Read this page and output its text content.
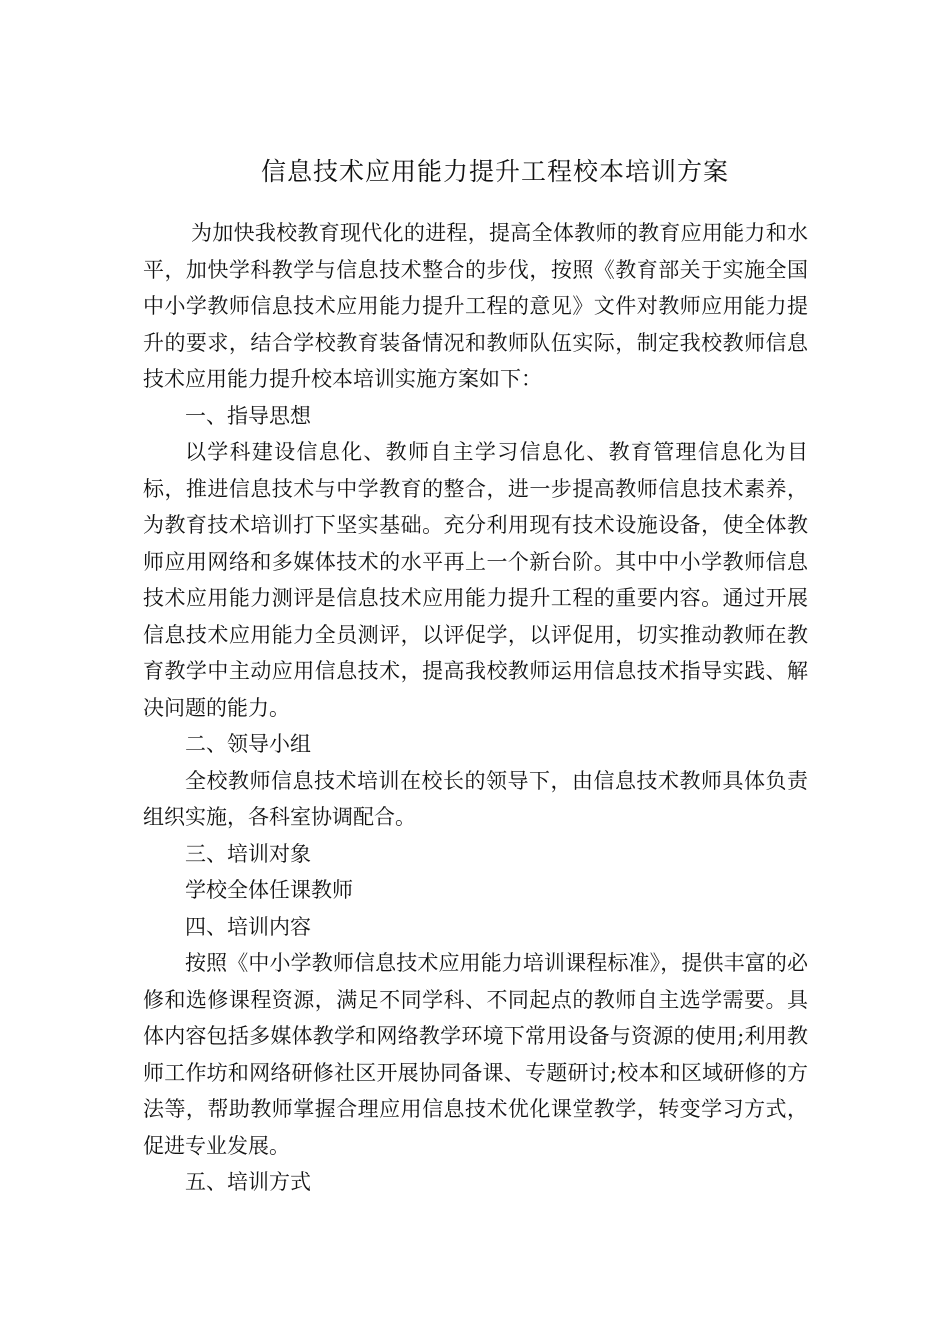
信息技术应用能力提升工程校本培训方案

为加快我校教育现代化的进程，提高全体教师的教育应用能力和水平，加快学科教学与信息技术整合的步伐，按照《教育部关于实施全国中小学教师信息技术应用能力提升工程的意见》文件对教师应用能力提升的要求，结合学校教育装备情况和教师队伍实际，制定我校教师信息技术应用能力提升校本培训实施方案如下：

一、指导思想

以学科建设信息化、教师自主学习信息化、教育管理信息化为目标，推进信息技术与中学教育的整合，进一步提高教师信息技术素养，为教育技术培训打下坚实基础。充分利用现有技术设施设备，使全体教师应用网络和多媒体技术的水平再上一个新台阶。其中中小学教师信息技术应用能力测评是信息技术应用能力提升工程的重要内容。通过开展信息技术应用能力全员测评，以评促学，以评促用，切实推动教师在教育教学中主动应用信息技术，提高我校教师运用信息技术指导实践、解决问题的能力。

二、领导小组

全校教师信息技术培训在校长的领导下，由信息技术教师具体负责组织实施，各科室协调配合。

三、培训对象

学校全体任课教师

四、培训内容

按照《中小学教师信息技术应用能力培训课程标准》，提供丰富的必修和选修课程资源，满足不同学科、不同起点的教师自主选学需要。具体内容包括多媒体教学和网络教学环境下常用设备与资源的使用;利用教师工作坊和网络研修社区开展协同备课、专题研讨;校本和区域研修的方法等，帮助教师掌握合理应用信息技术优化课堂教学，转变学习方式，促进专业发展。

五、培训方式
